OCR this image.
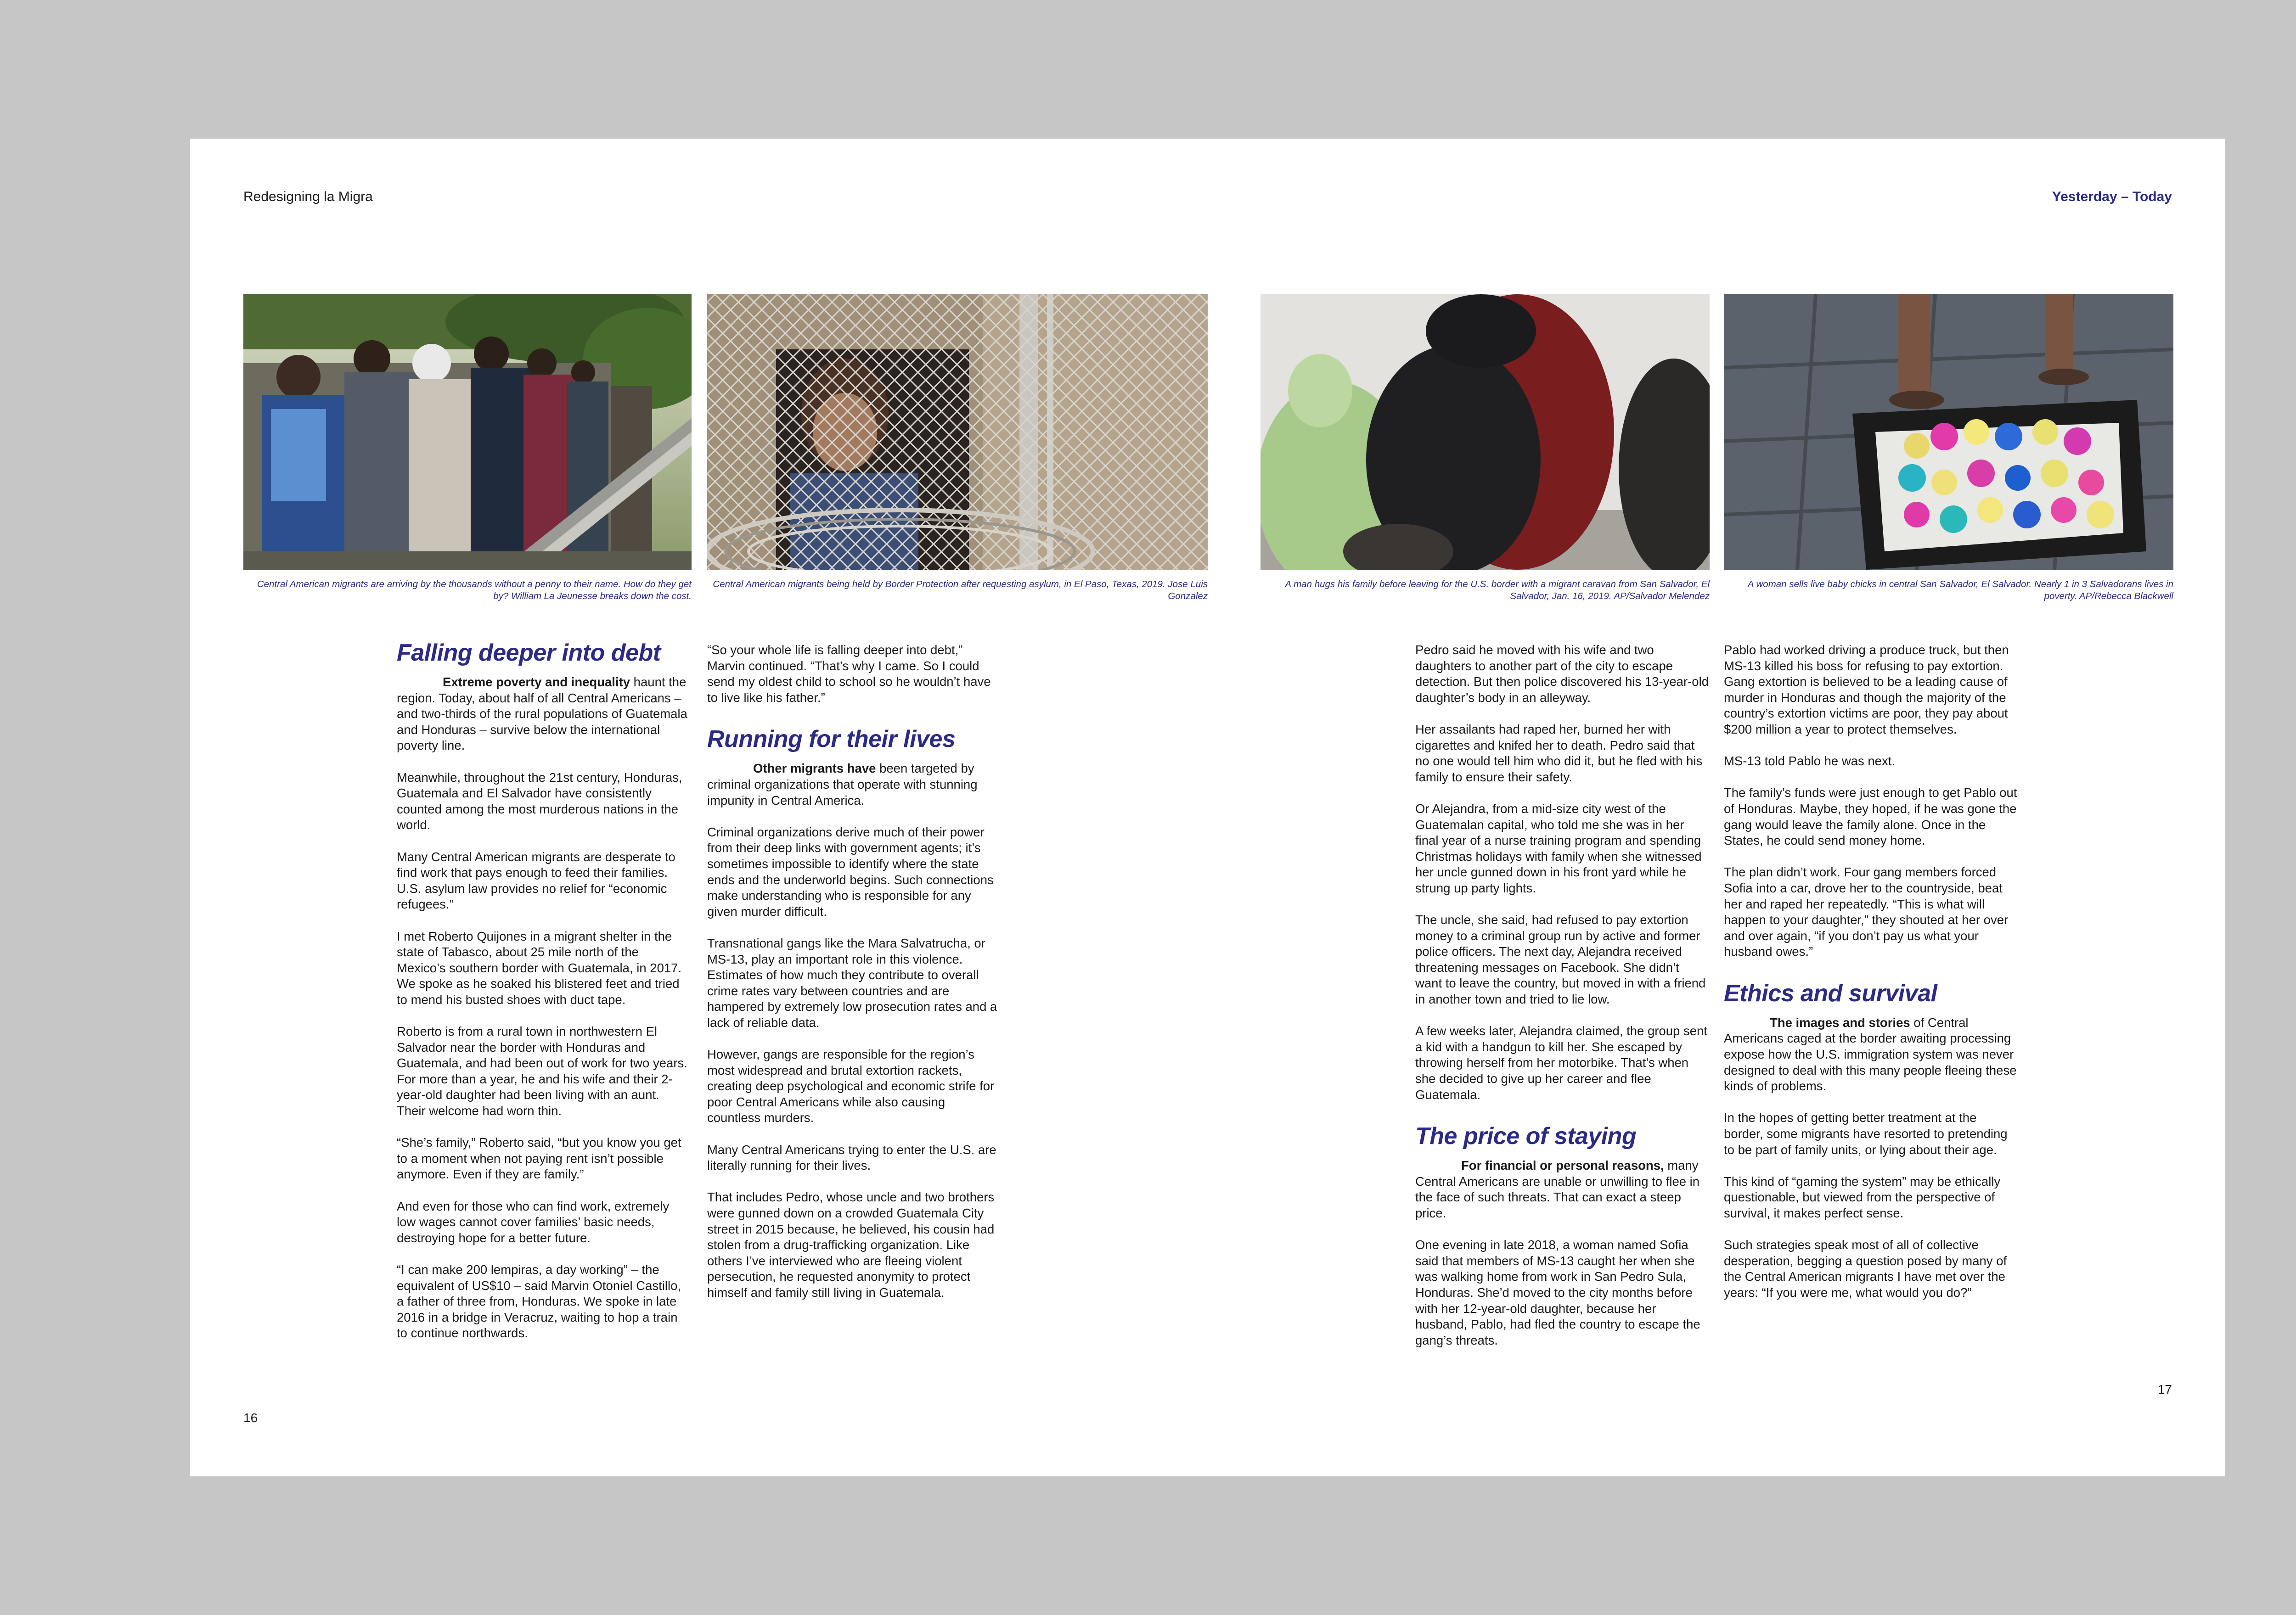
Redesigning la Migra	Yesterday – Today
Central American migrants are arriving by the thousands without a penny to their name. How do they get by? William La Jeunesse breaks down the cost.
Central American migrants being held by Border Protection after requesting asylum, in El Paso, Texas, 2019. Jose Luis Gonzalez
A man hugs his family before leaving for the U.S. border with a migrant caravan from San Salvador, El Salvador, Jan. 16, 2019. AP/Salvador Melendez
A woman sells live baby chicks in central San Salvador, El Salvador. Nearly 1 in 3 Salvadorans lives in poverty. AP/Rebecca Blackwell
Falling deeper into debt

Extreme poverty and inequality haunt the region. Today, about half of all Central Americans – and two-thirds of the rural populations of Guatemala and Honduras – survive below the international poverty line.

Meanwhile, throughout the 21st century, Honduras, Guatemala and El Salvador have consistently counted among the most murderous nations in the world.

Many Central American migrants are desperate to find work that pays enough to feed their families. U.S. asylum law provides no relief for “economic refugees.”

I met Roberto Quijones in a migrant shelter in the state of Tabasco, about 25 mile north of the Mexico’s southern border with Guatemala, in 2017. We spoke as he soaked his blistered feet and tried to mend his busted shoes with duct tape.

Roberto is from a rural town in northwestern El Salvador near the border with Honduras and Guatemala, and had been out of work for two years. For more than a year, he and his wife and their 2-year-old daughter had been living with an aunt. Their welcome had worn thin.

“She’s family,” Roberto said, “but you know you get to a moment when not paying rent isn’t possible anymore. Even if they are family.”

And even for those who can find work, extremely low wages cannot cover families’ basic needs, destroying hope for a better future.

“I can make 200 lempiras, a day working” – the equivalent of US$10 – said Marvin Otoniel Castillo, a father of three from, Honduras. We spoke in late 2016 in a bridge in Veracruz, waiting to hop a train to continue northwards.

“So your whole life is falling deeper into debt,” Marvin continued. “That’s why I came. So I could send my oldest child to school so he wouldn’t have to live like his father.”

Running for their lives

Other migrants have been targeted by criminal organizations that operate with stunning impunity in Central America.

Criminal organizations derive much of their power from their deep links with government agents; it’s sometimes impossible to identify where the state ends and the underworld begins. Such connections make understanding who is responsible for any given murder difficult.

Transnational gangs like the Mara Salvatrucha, or MS-13, play an important role in this violence. Estimates of how much they contribute to overall crime rates vary between countries and are hampered by extremely low prosecution rates and a lack of reliable data.

However, gangs are responsible for the region’s most widespread and brutal extortion rackets, creating deep psychological and economic strife for poor Central Americans while also causing countless murders.

Many Central Americans trying to enter the U.S. are literally running for their lives.

That includes Pedro, whose uncle and two brothers were gunned down on a crowded Guatemala City street in 2015 because, he believed, his cousin had stolen from a drug-trafficking organization. Like others I’ve interviewed who are fleeing violent persecution, he requested anonymity to protect himself and family still living in Guatemala.

Pedro said he moved with his wife and two daughters to another part of the city to escape detection. But then police discovered his 13-year-old daughter’s body in an alleyway.

Her assailants had raped her, burned her with cigarettes and knifed her to death. Pedro said that no one would tell him who did it, but he fled with his family to ensure their safety.

Or Alejandra, from a mid-size city west of the Guatemalan capital, who told me she was in her final year of a nurse training program and spending Christmas holidays with family when she witnessed her uncle gunned down in his front yard while he strung up party lights.

The uncle, she said, had refused to pay extortion money to a criminal group run by active and former police officers. The next day, Alejandra received threatening messages on Facebook. She didn’t want to leave the country, but moved in with a friend in another town and tried to lie low.

A few weeks later, Alejandra claimed, the group sent a kid with a handgun to kill her. She escaped by throwing herself from her motorbike. That’s when she decided to give up her career and flee Guatemala.

The price of staying

For financial or personal reasons, many Central Americans are unable or unwilling to flee in the face of such threats. That can exact a steep price.

One evening in late 2018, a woman named Sofia said that members of MS-13 caught her when she was walking home from work in San Pedro Sula, Honduras. She’d moved to the city months before with her 12-year-old daughter, because her husband, Pablo, had fled the country to escape the gang’s threats.

Pablo had worked driving a produce truck, but then MS-13 killed his boss for refusing to pay extortion. Gang extortion is believed to be a leading cause of murder in Honduras and though the majority of the country’s extortion victims are poor, they pay about $200 million a year to protect themselves.

MS-13 told Pablo he was next.

The family’s funds were just enough to get Pablo out of Honduras. Maybe, they hoped, if he was gone the gang would leave the family alone. Once in the States, he could send money home.

The plan didn’t work. Four gang members forced Sofia into a car, drove her to the countryside, beat her and raped her repeatedly. “This is what will happen to your daughter,” they shouted at her over and over again, “if you don’t pay us what your husband owes.”

Ethics and survival

The images and stories of Central Americans caged at the border awaiting processing expose how the U.S. immigration system was never designed to deal with this many people fleeing these kinds of problems.

In the hopes of getting better treatment at the border, some migrants have resorted to pretending to be part of family units, or lying about their age.

This kind of “gaming the system” may be ethically questionable, but viewed from the perspective of survival, it makes perfect sense.

Such strategies speak most of all of collective desperation, begging a question posed by many of the Central American migrants I have met over the years: “If you were me, what would you do?”

16
17
